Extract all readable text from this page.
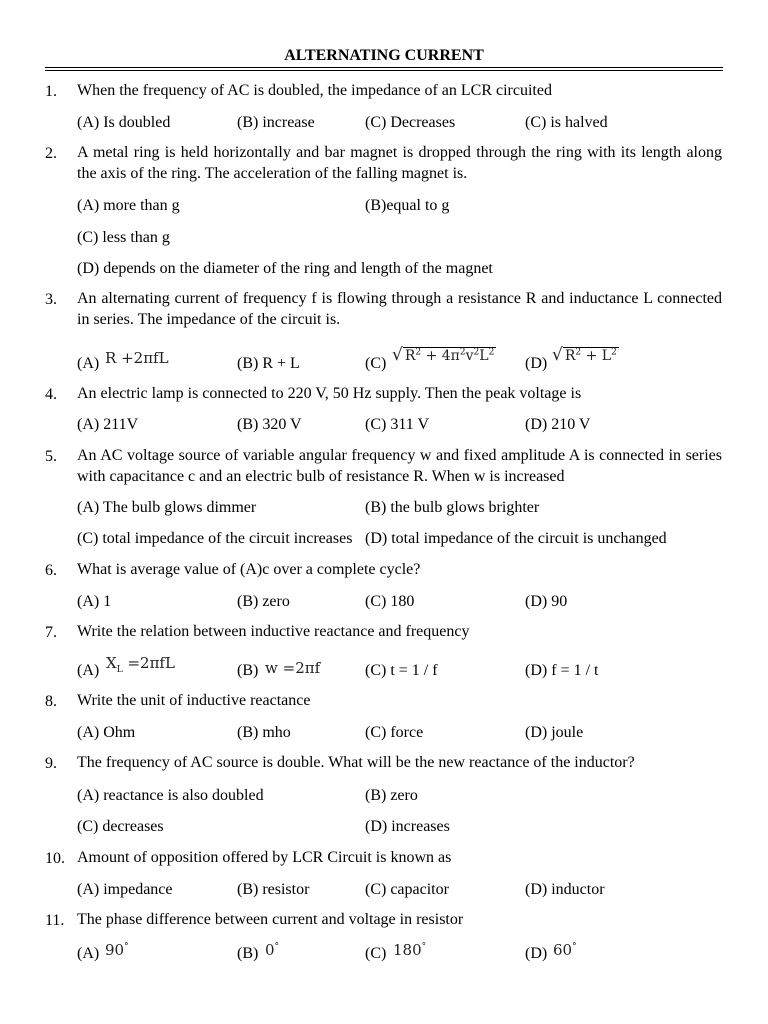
ALTERNATING CURRENT
1. When the frequency of AC is doubled, the impedance of an LCR circuited
(A) Is doubled	(B) increase	(C) Decreases	(C) is halved
2. A metal ring is held horizontally and bar magnet is dropped through the ring with its length along the axis of the ring. The acceleration of the falling magnet is.
(A) more than g	(B)equal to g
(C) less than g
(D) depends on the diameter of the ring and length of the magnet
3. An alternating current of frequency f is flowing through a resistance R and inductance L connected in series. The impedance of the circuit is.
(A) R +2πfL	(B) R + L	(C) √ $R^2 + 4\pi^2v^2L^2$
(D) √ $R^2 + L^2$
4. An electric lamp is connected to 220 V, 50 Hz supply. Then the peak voltage is
(A) 211V	(B) 320 V	(C) 311 V	(D) 210 V
5. An AC voltage source of variable angular frequency w and fixed amplitude A is connected in series with capacitance c and an electric bulb of resistance R. When w is increased
(A) The bulb glows dimmer	(B) the bulb glows brighter
(C) total impedance of the circuit increases (D) total impedance of the circuit is unchanged
6. What is average value of (A)c over a complete cycle?
(A) 1	(B) zero	(C) 180	(D) 90
7. Write the relation between inductive reactance and frequency
(A) $X_L =2\pi fL$	(B) w =2πf	(C) t = 1 / f	(D) f = 1 / t
8. Write the unit of inductive reactance
(A) Ohm	(B) mho	(C) force	(D) joule
9. The frequency of AC source is double. What will be the new reactance of the inductor?
(A) reactance is also doubled	(B) zero
(C) decreases	(D) increases
10. Amount of opposition offered by LCR Circuit is known as
(A) impedance	(B) resistor	(C) capacitor	(D) inductor
11. The phase difference between current and voltage in resistor
(A) 90°	(B) 0°	(C) 180°	(D) 60°
